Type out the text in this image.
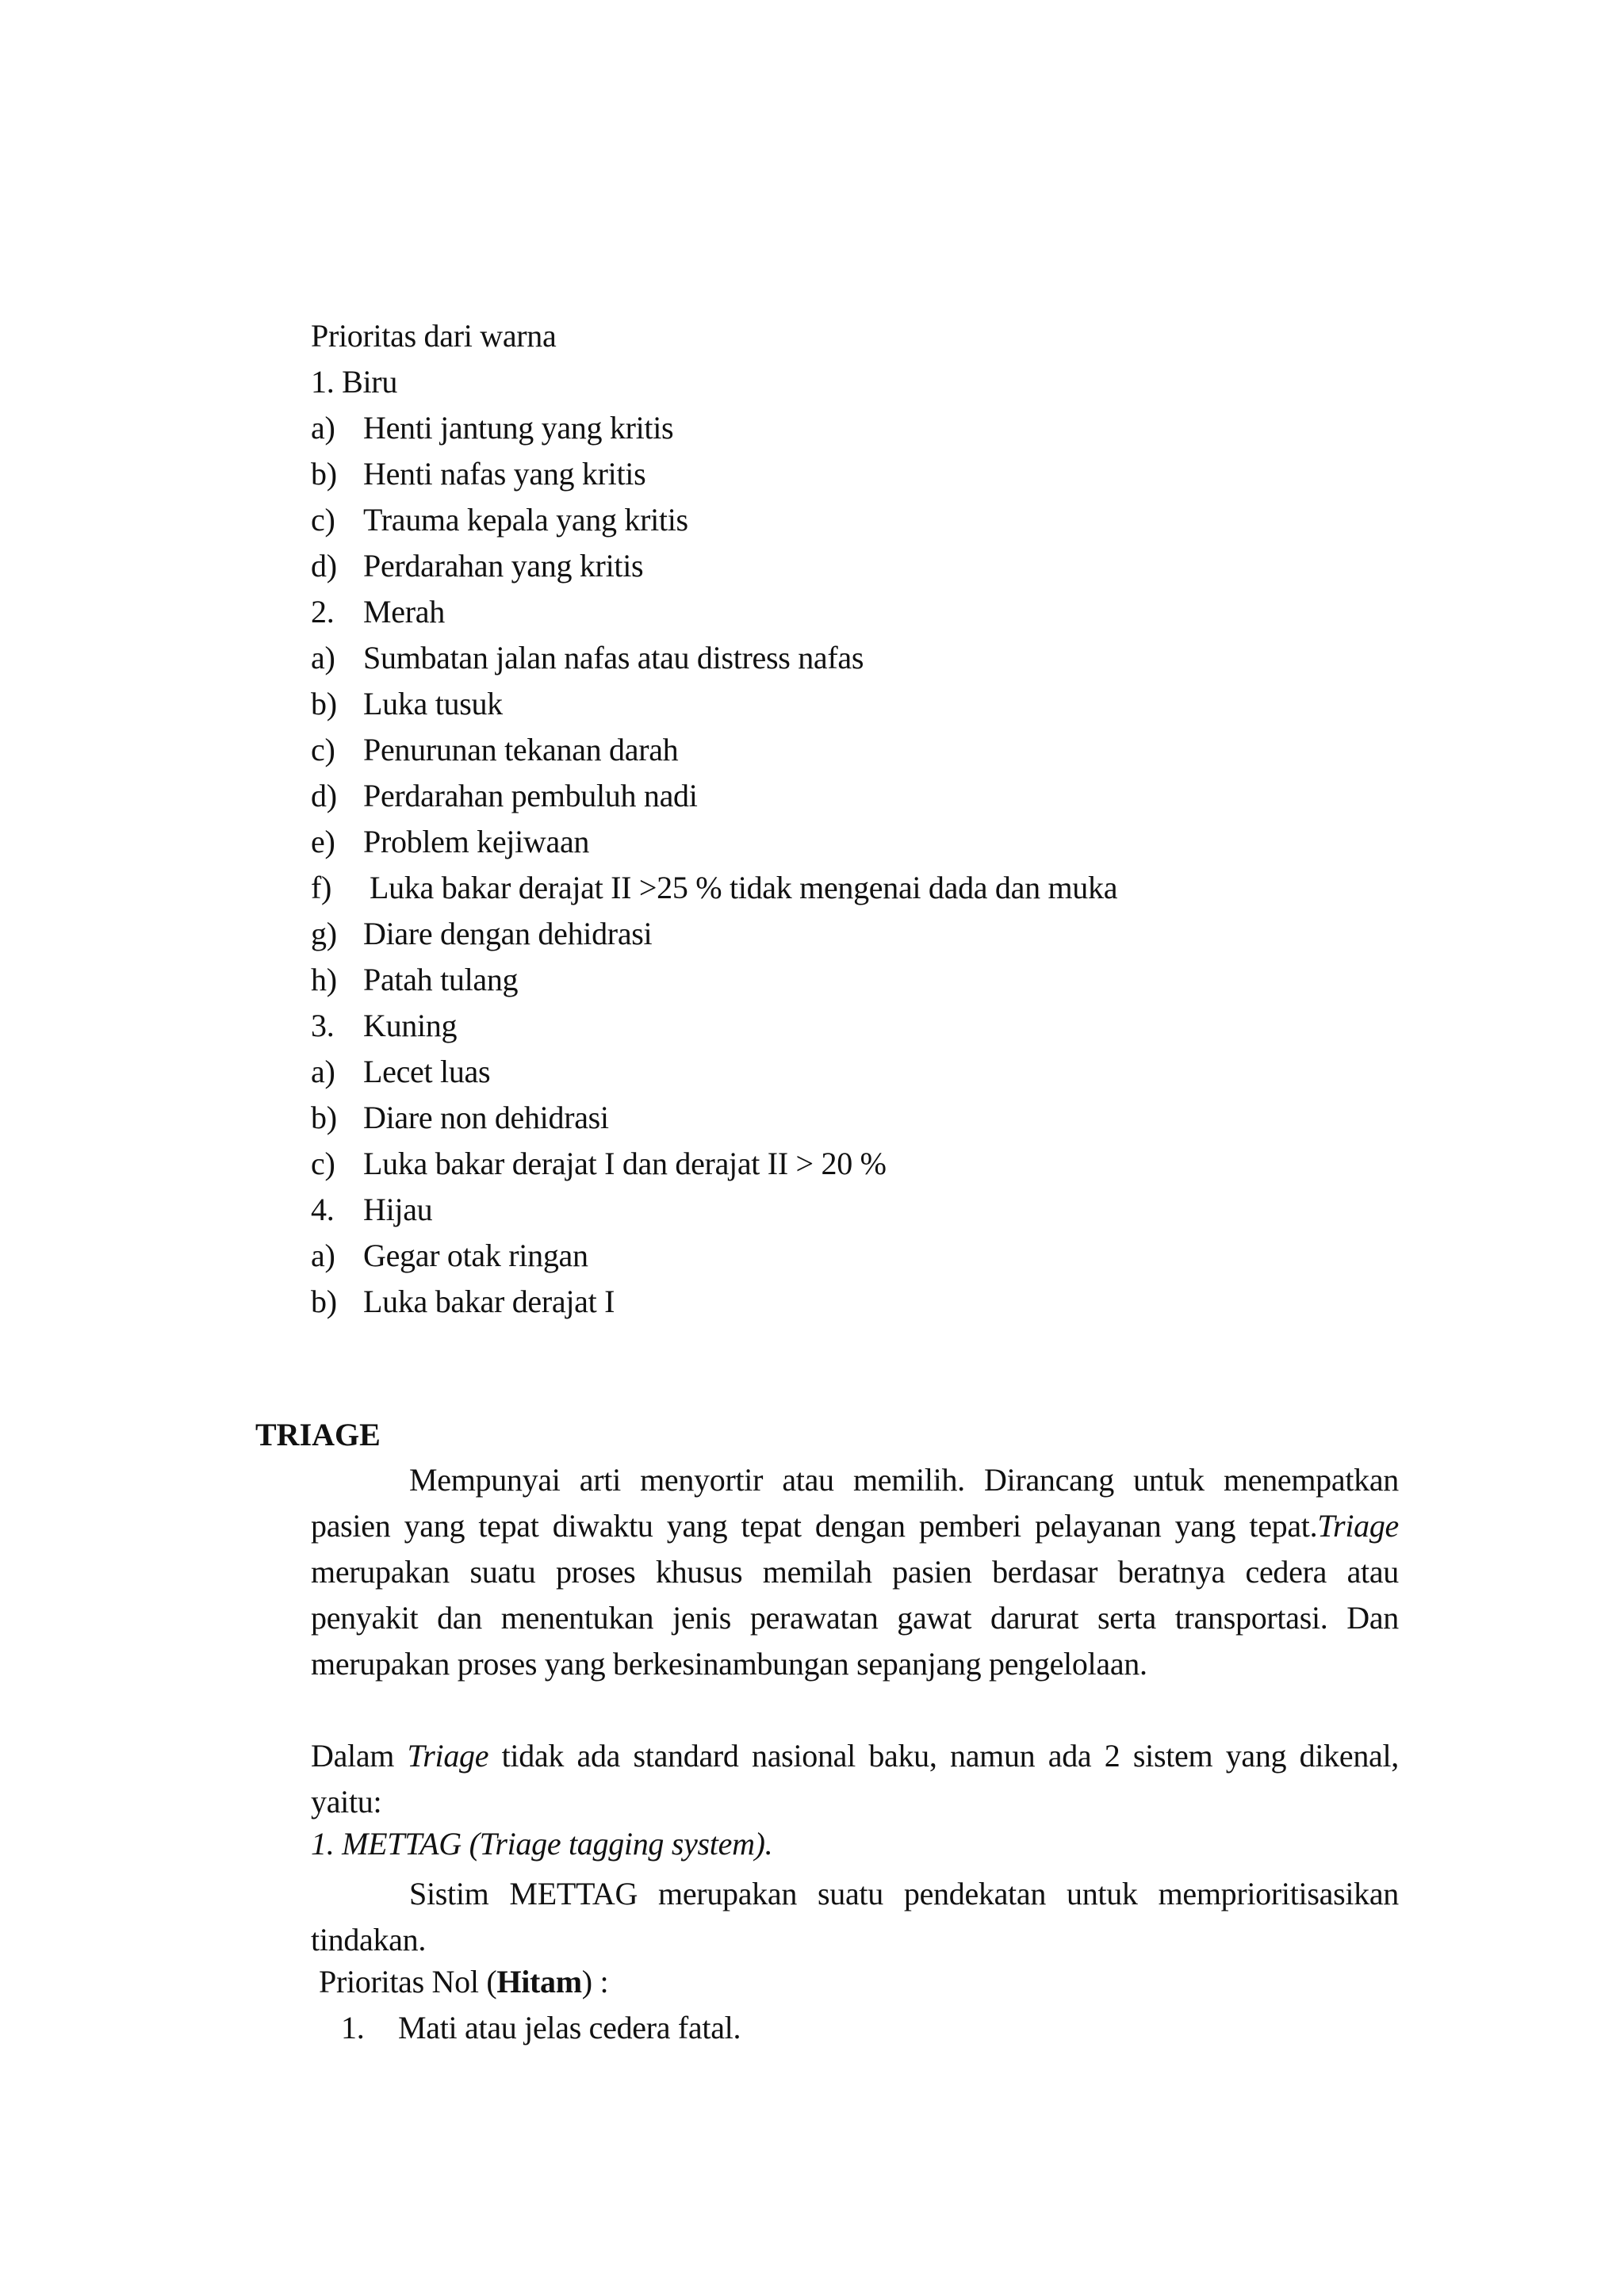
Prioritas dari warna
1. Biru
a) Henti jantung yang kritis
b) Henti nafas yang kritis
c) Trauma kepala yang kritis
d) Perdarahan yang kritis
2. Merah
a) Sumbatan jalan nafas atau distress nafas
b) Luka tusuk
c) Penurunan tekanan darah
d) Perdarahan pembuluh nadi
e) Problem kejiwaan
f) Luka bakar derajat II >25 % tidak mengenai dada dan muka
g) Diare dengan dehidrasi
h) Patah tulang
3. Kuning
a) Lecet luas
b) Diare non dehidrasi
c) Luka bakar derajat I dan derajat II > 20 %
4. Hijau
a) Gegar otak ringan
b) Luka bakar derajat I
TRIAGE
Mempunyai arti menyortir atau memilih. Dirancang untuk menempatkan pasien yang tepat diwaktu yang tepat dengan pemberi pelayanan yang tepat.Triage merupakan suatu proses khusus memilah pasien berdasar beratnya cedera atau penyakit dan menentukan jenis perawatan gawat darurat serta transportasi. Dan merupakan proses yang berkesinambungan sepanjang pengelolaan.
Dalam Triage tidak ada standard nasional baku, namun ada 2 sistem yang dikenal, yaitu:
1. METTAG (Triage tagging system).
Sistim METTAG merupakan suatu pendekatan untuk memprioritisasikan tindakan.
Prioritas Nol (Hitam) :
1. Mati atau jelas cedera fatal.
